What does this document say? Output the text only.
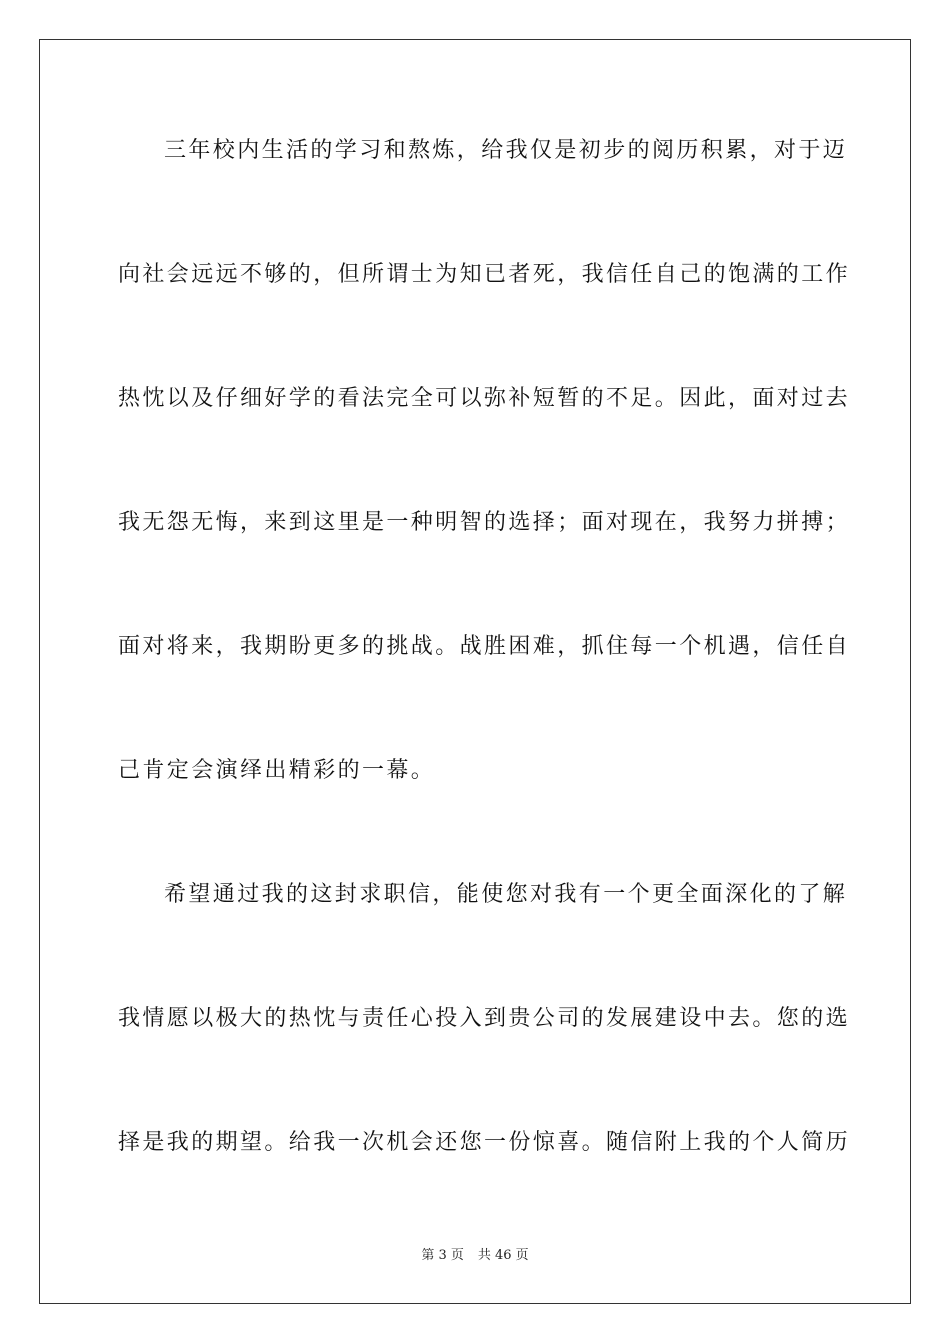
三年校内生活的学习和熬炼，给我仅是初步的阅历积累，对于迈
向社会远远不够的，但所谓士为知已者死，我信任自己的饱满的工作
热忱以及仔细好学的看法完全可以弥补短暂的不足。因此，面对过去
我无怨无悔，来到这里是一种明智的选择；面对现在，我努力拼搏；
面对将来，我期盼更多的挑战。战胜困难，抓住每一个机遇，信任自
己肯定会演绎出精彩的一幕。
希望通过我的这封求职信，能使您对我有一个更全面深化的了解
我情愿以极大的热忱与责任心投入到贵公司的发展建设中去。您的选
择是我的期望。给我一次机会还您一份惊喜。随信附上我的个人简历
第 3 页 共 46 页
